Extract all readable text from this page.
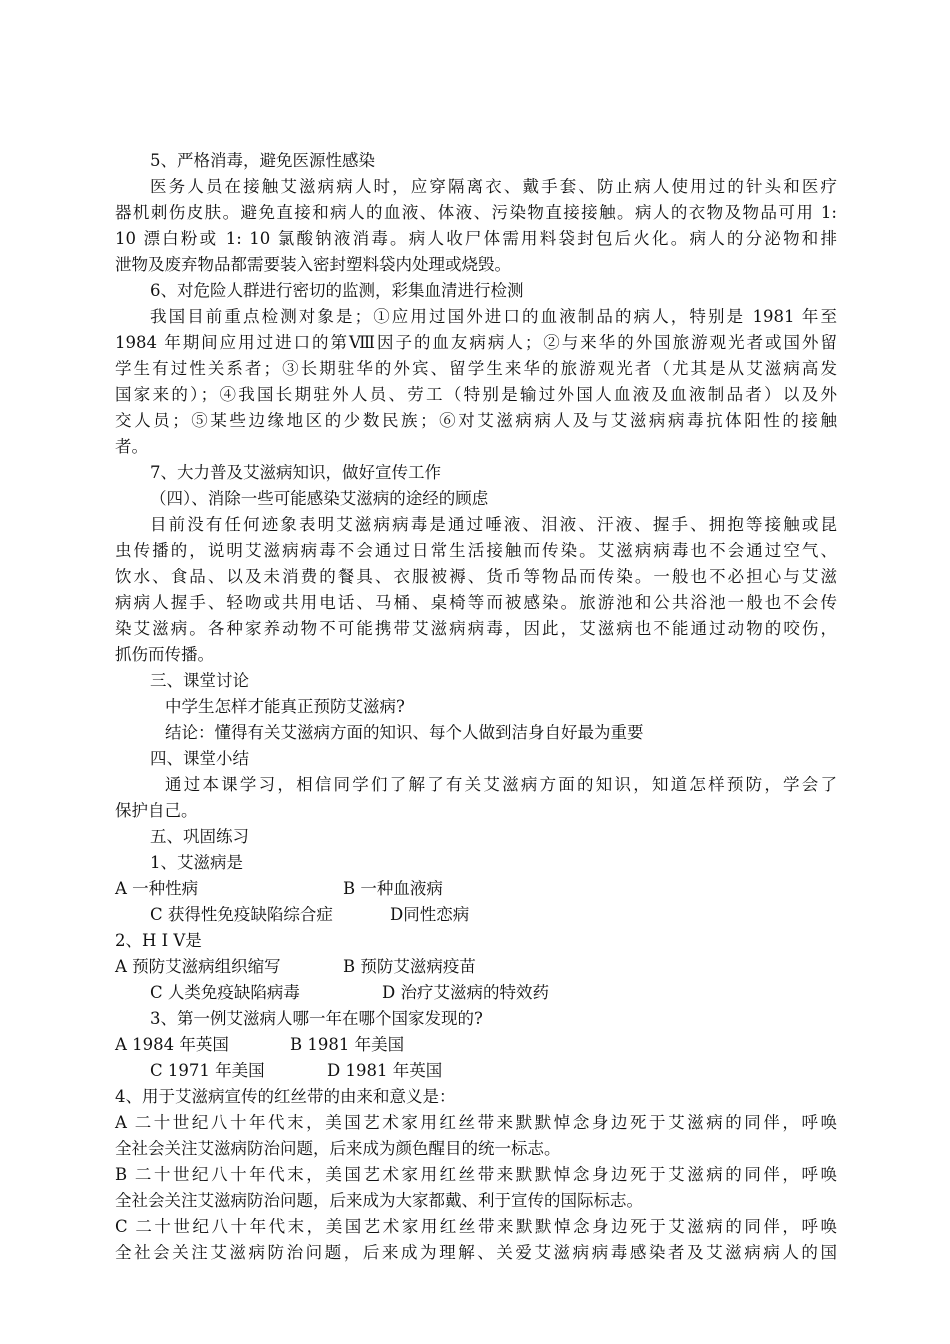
5、严格消毒，避免医源性感染
医务人员在接触艾滋病病人时，应穿隔离衣、戴手套、防止病人使用过的针头和医疗
器机刺伤皮肤。避免直接和病人的血液、体液、污染物直接接触。病人的衣物及物品可用 1:
10 漂白粉或 1: 10 氯酸钠液消毒。病人收尸体需用料袋封包后火化。病人的分泌物和排
泄物及废弃物品都需要装入密封塑料袋内处理或烧毁。
6、对危险人群进行密切的监测，彩集血清进行检测
我国目前重点检测对象是；①应用过国外进口的血液制品的病人，特别是 1981 年至
1984 年期间应用过进口的第Ⅷ因子的血友病病人；②与来华的外国旅游观光者或国外留
学生有过性关系者；③长期驻华的外宾、留学生来华的旅游观光者（尤其是从艾滋病高发
国家来的）；④我国长期驻外人员、劳工（特别是输过外国人血液及血液制品者）以及外
交人员；⑤某些边缘地区的少数民族；⑥对艾滋病病人及与艾滋病病毒抗体阳性的接触
者。
7、大力普及艾滋病知识，做好宣传工作
（四）、消除一些可能感染艾滋病的途经的顾虑
目前没有任何迹象表明艾滋病病毒是通过唾液、泪液、汗液、握手、拥抱等接触或昆
虫传播的，说明艾滋病病毒不会通过日常生活接触而传染。艾滋病病毒也不会通过空气、
饮水、食品、以及未消费的餐具、衣服被褥、货币等物品而传染。一般也不必担心与艾滋
病病人握手、轻吻或共用电话、马桶、桌椅等而被感染。旅游池和公共浴池一般也不会传
染艾滋病。各种家养动物不可能携带艾滋病病毒，因此，艾滋病也不能通过动物的咬伤，
抓伤而传播。
三、课堂讨论
中学生怎样才能真正预防艾滋病?
结论：懂得有关艾滋病方面的知识、每个人做到洁身自好最为重要
四、课堂小结
通过本课学习，相信同学们了解了有关艾滋病方面的知识，知道怎样预防，学会了
保护自己。
五、巩固练习
1、艾滋病是
A 一种性病	B 一种血液病
C 获得性免疫缺陷综合症	D同性恋病
2、H I V是
A 预防艾滋病组织缩写	B 预防艾滋病疫苗
C 人类免疫缺陷病毒	D 治疗艾滋病的特效药
3、第一例艾滋病人哪一年在哪个国家发现的?
A 1984 年英国	B 1981 年美国
C 1971 年美国	D 1981 年英国
4、用于艾滋病宣传的红丝带的由来和意义是：
A 二十世纪八十年代末，美国艺术家用红丝带来默默悼念身边死于艾滋病的同伴，呼唤
全社会关注艾滋病防治问题，后来成为颜色醒目的统一标志。
B 二十世纪八十年代末，美国艺术家用红丝带来默默悼念身边死于艾滋病的同伴，呼唤
全社会关注艾滋病防治问题，后来成为大家都戴、利于宣传的国际标志。
C 二十世纪八十年代末，美国艺术家用红丝带来默默悼念身边死于艾滋病的同伴，呼唤
全社会关注艾滋病防治问题，后来成为理解、关爱艾滋病病毒感染者及艾滋病病人的国
